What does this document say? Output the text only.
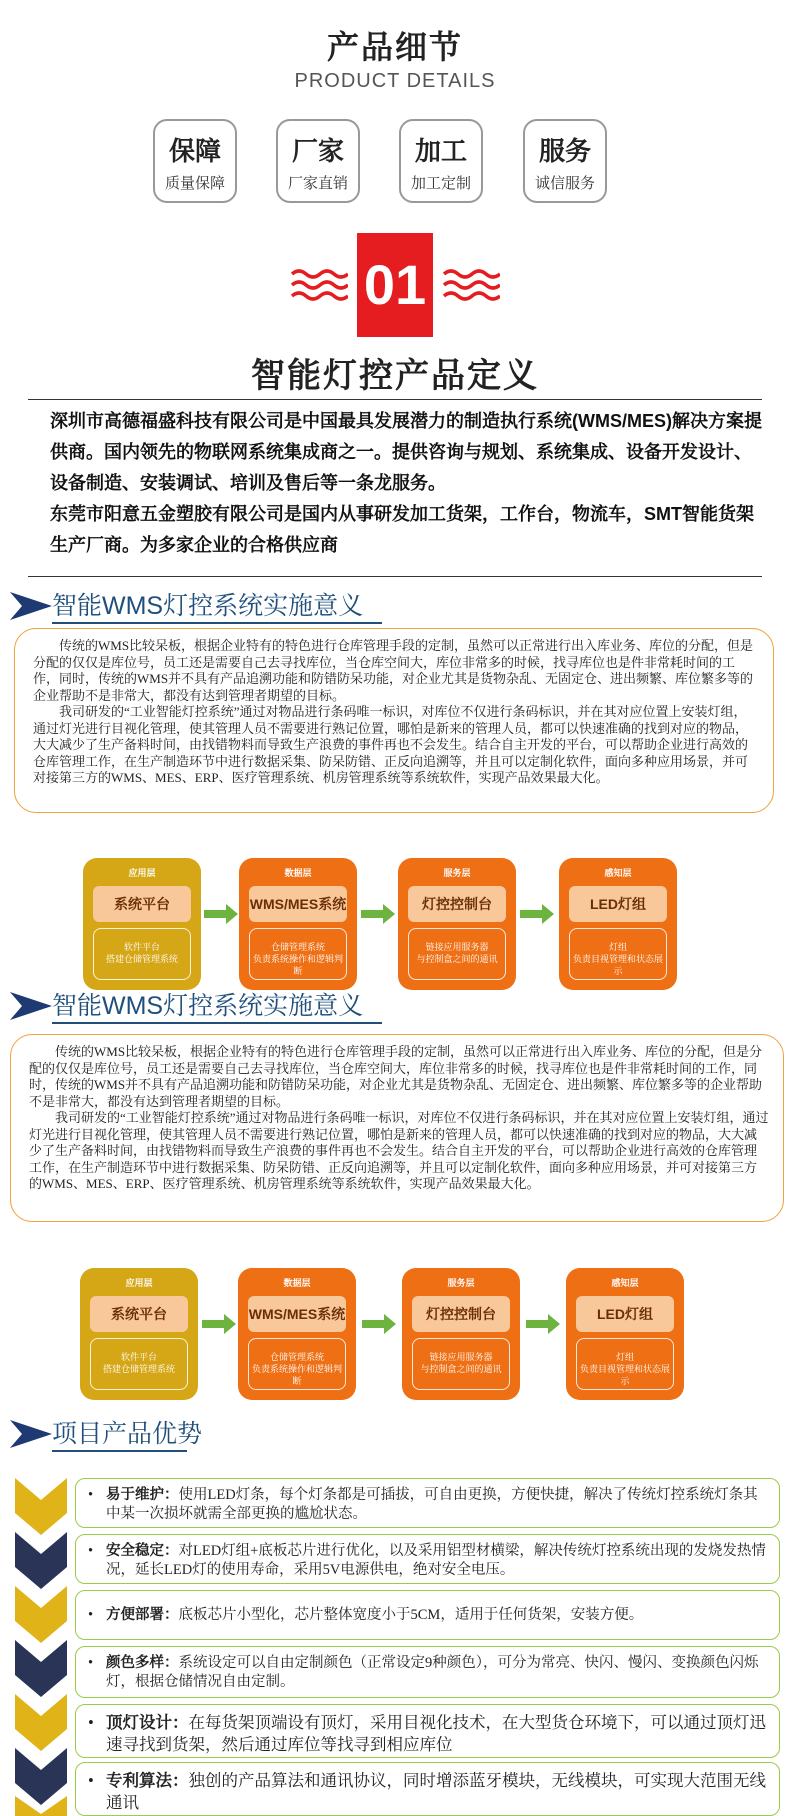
产品细节
PRODUCT DETAILS
保障
质量保障
厂家
厂家直销
加工
加工定制
服务
诚信服务
01
智能灯控产品定义

深圳市高德福盛科技有限公司是中国最具发展潜力的制造执行系统(WMS/MES)解决方案提供商。国内领先的物联网系统集成商之一。提供咨询与规划、系统集成、设备开发设计、设备制造、安装调试、培训及售后等一条龙服务。

东莞市阳意五金塑胶有限公司是国内从事研发加工货架，工作台，物流车，SMT智能货架生产厂商。为多家企业的合格供应商

智能WMS灯控系统实施意义

传统的WMS比较呆板，根据企业特有的特色进行仓库管理手段的定制，虽然可以正常进行出入库业务、库位的分配，但是分配的仅仅是库位号，员工还是需要自己去寻找库位，当仓库空间大，库位非常多的时候，找寻库位也是件非常耗时间的工作，同时，传统的WMS并不具有产品追溯功能和防错防呆功能，对企业尤其是货物杂乱、无固定仓、进出频繁、库位繁多等的企业帮助不是非常大，都没有达到管理者期望的目标。

我司研发的“工业智能灯控系统”通过对物品进行条码唯一标识，对库位不仅进行条码标识，并在其对应位置上安装灯组，通过灯光进行目视化管理，使其管理人员不需要进行熟记位置，哪怕是新来的管理人员，都可以快速准确的找到对应的物品，大大减少了生产备料时间，由找错物料而导致生产浪费的事件再也不会发生。结合自主开发的平台，可以帮助企业进行高效的仓库管理工作，在生产制造环节中进行数据采集、防呆防错、正反向追溯等，并且可以定制化软件，面向多种应用场景，并可对接第三方的WMS、MES、ERP、医疗管理系统、机房管理系统等系统软件，实现产品效果最大化。

应用层
系统平台
软件平台
搭建仓储管理系统
数据层
WMS/MES系统
仓储管理系统
负责系统操作和逻辑判断
服务层
灯控控制台
链接应用服务器
与控制盒之间的通讯
感知层
LED灯组
灯组
负责目视管理和状态展示
智能WMS灯控系统实施意义

传统的WMS比较呆板，根据企业特有的特色进行仓库管理手段的定制，虽然可以正常进行出入库业务、库位的分配，但是分配的仅仅是库位号，员工还是需要自己去寻找库位，当仓库空间大，库位非常多的时候，找寻库位也是件非常耗时间的工作，同时，传统的WMS并不具有产品追溯功能和防错防呆功能，对企业尤其是货物杂乱、无固定仓、进出频繁、库位繁多等的企业帮助不是非常大，都没有达到管理者期望的目标。

我司研发的“工业智能灯控系统”通过对物品进行条码唯一标识，对库位不仅进行条码标识，并在其对应位置上安装灯组，通过灯光进行目视化管理，使其管理人员不需要进行熟记位置，哪怕是新来的管理人员，都可以快速准确的找到对应的物品，大大减少了生产备料时间，由找错物料而导致生产浪费的事件再也不会发生。结合自主开发的平台，可以帮助企业进行高效的仓库管理工作，在生产制造环节中进行数据采集、防呆防错、正反向追溯等，并且可以定制化软件，面向多种应用场景，并可对接第三方的WMS、MES、ERP、医疗管理系统、机房管理系统等系统软件，实现产品效果最大化。

应用层
系统平台
软件平台
搭建仓储管理系统
数据层
WMS/MES系统
仓储管理系统
负责系统操作和逻辑判断
服务层
灯控控制台
链接应用服务器
与控制盒之间的通讯
感知层
LED灯组
灯组
负责目视管理和状态展示
项目产品优势
• 易于维护：使用LED灯条，每个灯条都是可插拔，可自由更换，方便快捷，解决了传统灯控系统灯条其中某一次损坏就需全部更换的尴尬状态。
• 安全稳定：对LED灯组+底板芯片进行优化，以及采用铝型材横梁，解决传统灯控系统出现的发烧发热情况，延长LED灯的使用寿命，采用5V电源供电，绝对安全电压。
• 方便部署：底板芯片小型化，芯片整体宽度小于5CM，适用于任何货架，安装方便。
• 颜色多样：系统设定可以自由定制颜色（正常设定9种颜色），可分为常亮、快闪、慢闪、变换颜色闪烁灯，根据仓储情况自由定制。
• 顶灯设计：在每货架顶端设有顶灯，采用目视化技术，在大型货仓环境下，可以通过顶灯迅速寻找到货架，然后通过库位等找寻到相应库位
• 专利算法：独创的产品算法和通讯协议，同时增添蓝牙模块，无线模块，可实现大范围无线通讯
